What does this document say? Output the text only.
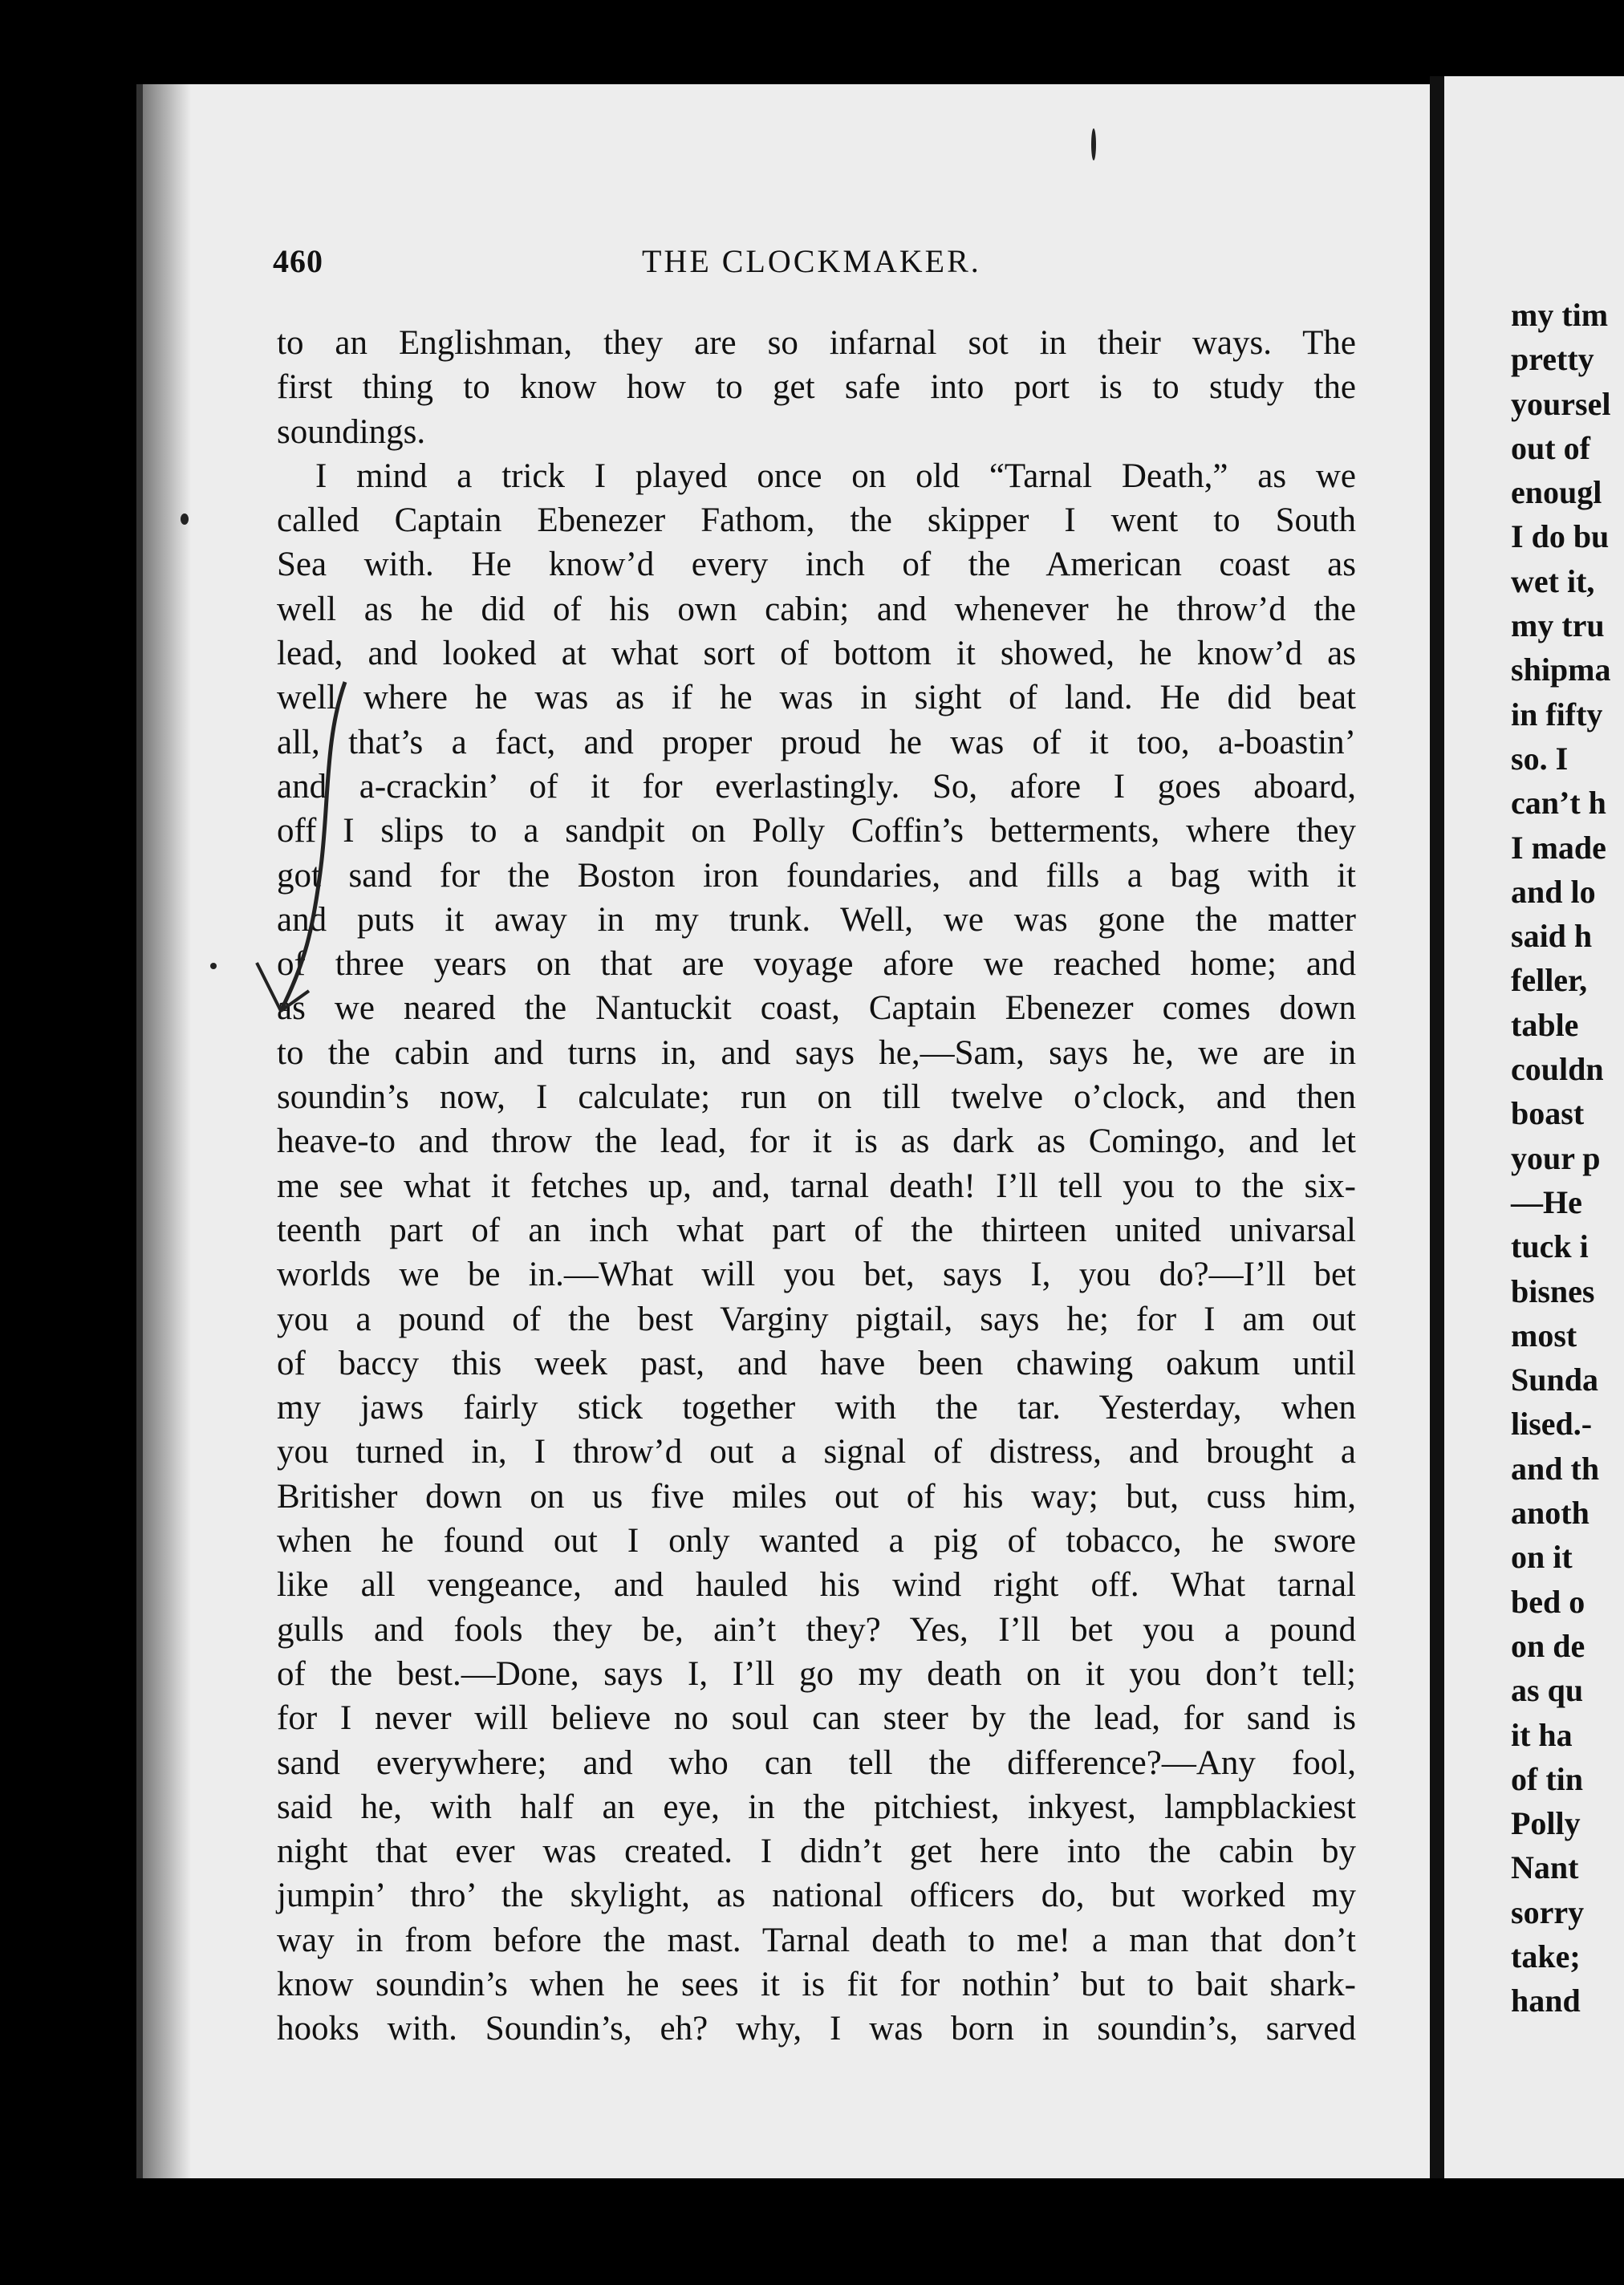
460	THE CLOCKMAKER.
to an Englishman, they are so infarnal sot in their ways. The
first thing to know how to get safe into port is to study the
soundings.
I mind a trick I played once on old “Tarnal Death,” as we
called Captain Ebenezer Fathom, the skipper I went to South
Sea with. He know’d every inch of the American coast as
well as he did of his own cabin; and whenever he throw’d the
lead, and looked at what sort of bottom it showed, he know’d as
well where he was as if he was in sight of land. He did beat
all, that’s a fact, and proper proud he was of it too, a-boastin’
and a-crackin’ of it for everlastingly. So, afore I goes aboard,
off I slips to a sandpit on Polly Coffin’s betterments, where they
got sand for the Boston iron foundaries, and fills a bag with it
and puts it away in my trunk. Well, we was gone the matter
of three years on that are voyage afore we reached home; and
as we neared the Nantuckit coast, Captain Ebenezer comes down
to the cabin and turns in, and says he,—Sam, says he, we are in
soundin’s now, I calculate; run on till twelve o’clock, and then
heave-to and throw the lead, for it is as dark as Comingo, and let
me see what it fetches up, and, tarnal death! I’ll tell you to the six-
teenth part of an inch what part of the thirteen united univarsal
worlds we be in.—What will you bet, says I, you do?—I’ll bet
you a pound of the best Varginy pigtail, says he; for I am out
of baccy this week past, and have been chawing oakum until
my jaws fairly stick together with the tar. Yesterday, when
you turned in, I throw’d out a signal of distress, and brought a
Britisher down on us five miles out of his way; but, cuss him,
when he found out I only wanted a pig of tobacco, he swore
like all vengeance, and hauled his wind right off. What tarnal
gulls and fools they be, ain’t they? Yes, I’ll bet you a pound
of the best.—Done, says I, I’ll go my death on it you don’t tell;
for I never will believe no soul can steer by the lead, for sand is
sand everywhere; and who can tell the difference?—Any fool,
said he, with half an eye, in the pitchiest, inkyest, lampblackiest
night that ever was created. I didn’t get here into the cabin by
jumpin’ thro’ the skylight, as national officers do, but worked my
way in from before the mast. Tarnal death to me! a man that don’t
know soundin’s when he sees it is fit for nothin’ but to bait shark-
hooks with. Soundin’s, eh? why, I was born in soundin’s, sarved
my tim
pretty
yoursel
out of
enougl
I do bu
wet it,
my tru
shipma
in fifty
so. I
can’t h
I made
and lo
said h
feller,
table
couldn
boast
your p
—He
tuck i
bisnes
most
Sunda
lised.-
and th
anoth
on it
bed o
on de
as qu
it ha
of tin
Polly
Nant
sorry
take;
hand
